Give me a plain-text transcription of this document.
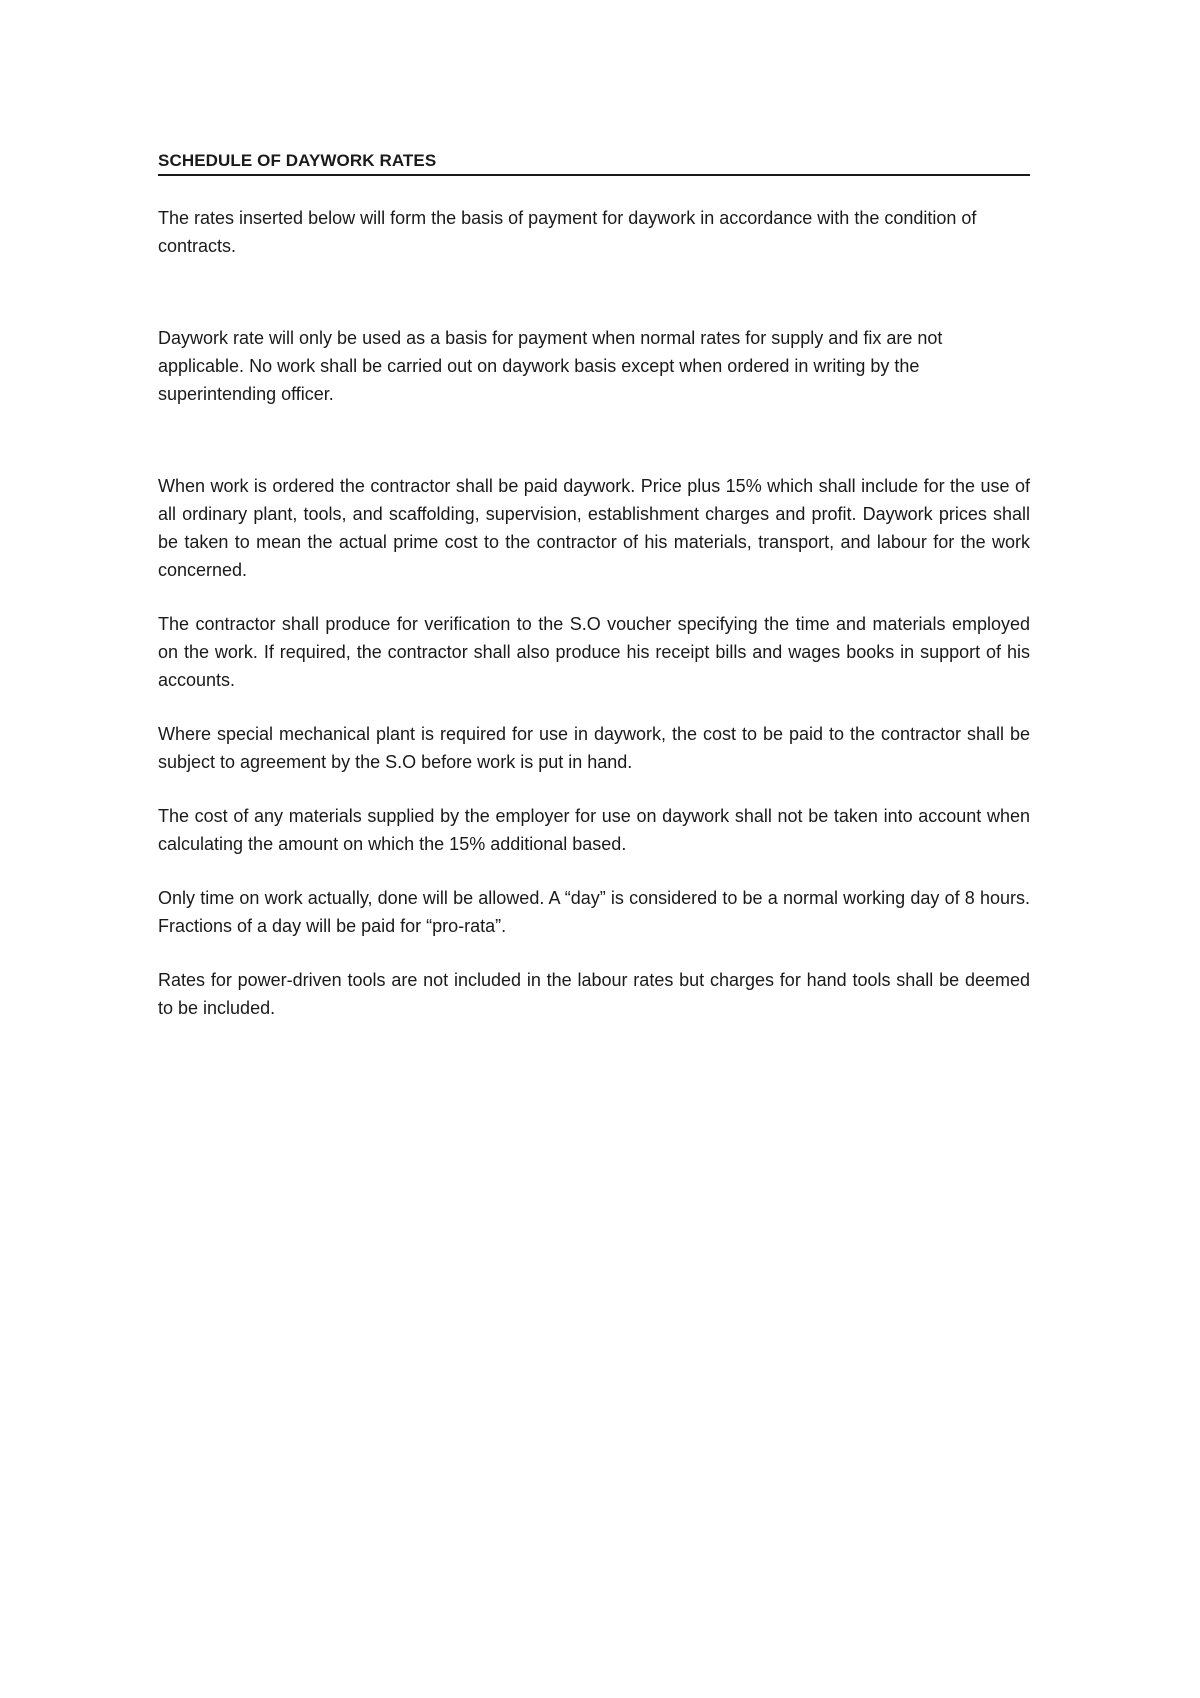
SCHEDULE OF DAYWORK RATES

The rates inserted below will form the basis of payment for daywork in accordance with the condition of contracts.

Daywork rate will only be used as a basis for payment when normal rates for supply and fix are not applicable. No work shall be carried out on daywork basis except when ordered in writing by the superintending officer.

When work is ordered the contractor shall be paid daywork. Price plus 15% which shall include for the use of all ordinary plant, tools, and scaffolding, supervision, establishment charges and profit. Daywork prices shall be taken to mean the actual prime cost to the contractor of his materials, transport, and labour for the work concerned.

The contractor shall produce for verification to the S.O voucher specifying the time and materials employed on the work. If required, the contractor shall also produce his receipt bills and wages books in support of his accounts.

Where special mechanical plant is required for use in daywork, the cost to be paid to the contractor shall be subject to agreement by the S.O before work is put in hand.

The cost of any materials supplied by the employer for use on daywork shall not be taken into account when calculating the amount on which the 15% additional based.

Only time on work actually, done will be allowed. A “day” is considered to be a normal working day of 8 hours. Fractions of a day will be paid for “pro-rata”.

Rates for power-driven tools are not included in the labour rates but charges for hand tools shall be deemed to be included.
